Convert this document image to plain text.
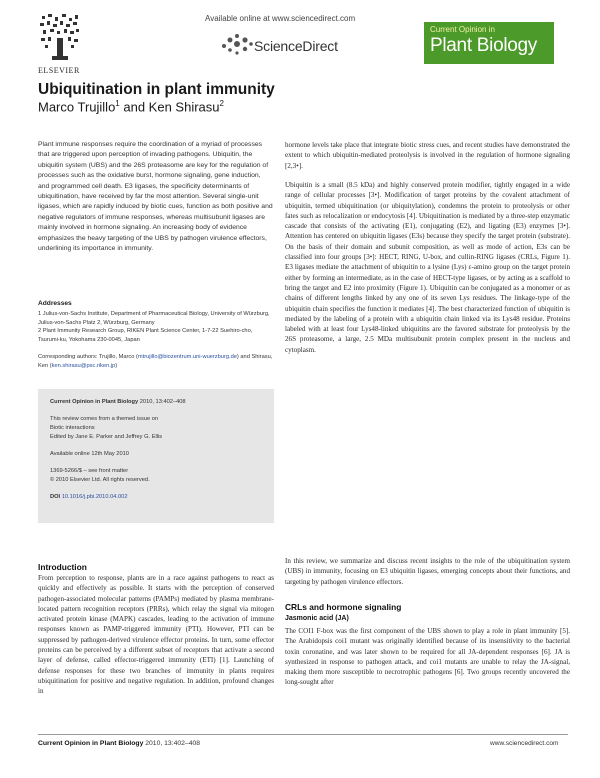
ELSEVIER
Available online at www.sciencedirect.com
ScienceDirect
Current Opinion in
Plant Biology
Ubiquitination in plant immunity
Marco Trujillo$^1$ and Ken Shirasu$^2$

Plant immune responses require the coordination of a myriad of processes that are triggered upon perception of invading pathogens. Ubiquitin, the ubiquitin system (UBS) and the 26S proteasome are key for the regulation of processes such as the oxidative burst, hormone signaling, gene induction, and programmed cell death. E3 ligases, the specificity determinants of ubiquitination, have received by far the most attention. Several single-unit ligases, which are rapidly induced by biotic cues, function as both positive and negative regulators of immune responses, whereas multisubunit ligases are mainly involved in hormone signaling. An increasing body of evidence emphasizes the heavy targeting of the UBS by pathogen virulence effectors, underlining its importance in immunity.

Addresses
1 Julius-von-Sachs Institute, Department of Pharmaceutical Biology, University of Würzburg, Julius-von-Sachs Platz 2, Würzburg, Germany
2 Plant Immunity Research Group, RIKEN Plant Science Center, 1-7-22 Suehiro-cho, Tsurumi-ku, Yokohama 230-0045, Japan
Corresponding authors: Trujillo, Marco (mtrujillo@biozentrum.uni-wuerzburg.de) and Shirasu, Ken (ken.shirasu@psc.riken.jp)
Current Opinion in Plant Biology 2010, 13:402–408
This review comes from a themed issue on
Biotic interactions
Edited by Jane E. Parker and Jeffrey G. Ellis
Available online 12th May 2010
1369-5266/$ – see front matter
© 2010 Elsevier Ltd. All rights reserved.
DOI 10.1016/j.pbi.2010.04.002
Introduction

From perception to response, plants are in a race against pathogens to react as quickly and effectively as possible. It starts with the perception of conserved pathogen-associated molecular patterns (PAMPs) mediated by plasma membrane-located pattern recognition receptors (PRRs), which relay the signal via mitogen activated protein kinase (MAPK) cascades, leading to the activation of immune responses known as PAMP-triggered immunity (PTI). However, PTI can be suppressed by pathogen-derived virulence effector proteins. In turn, some effector proteins can be perceived by a different subset of receptors that activate a second layer of defense, called effector-triggered immunity (ETI) [1]. Launching of defense responses for these two branches of immunity in plants requires ubiquitination for positive and negative regulation. In addition, profound changes in

hormone levels take place that integrate biotic stress cues, and recent studies have demonstrated the extent to which ubiquitin-mediated proteolysis is involved in the regulation of hormone signaling [2,3•].

Ubiquitin is a small (8.5 kDa) and highly conserved protein modifier, tightly engaged in a wide range of cellular processes [3•]. Modification of target proteins by the covalent attachment of ubiquitin, termed ubiquitination (or ubiquitylation), condemns the protein to proteolysis or other fates such as relocalization or endocytosis [4]. Ubiquitination is mediated by a three-step enzymatic cascade that consists of the activating (E1), conjugating (E2), and ligating (E3) enzymes [3•]. Attention has centered on ubiquitin ligases (E3s) because they specify the target protein (substrate). On the basis of their domain and subunit composition, as well as mode of action, E3s can be classified into four groups [3•]: HECT, RING, U-box, and cullin-RING ligases (CRLs, Figure 1). E3 ligases mediate the attachment of ubiquitin to a lysine (Lys) ε-amino group on the target protein either by forming an intermediate, as in the case of HECT-type ligases, or by acting as a scaffold to bring the target and E2 into proximity (Figure 1). Ubiquitin can be conjugated as a monomer or as chains of different lengths linked by any one of its seven Lys residues. The linkage-type of the ubiquitin chain specifies the function it mediates [4]. The best characterized function of ubiquitin is mediated by the labeling of a protein with a ubiquitin chain linked via its Lys48 residue. Proteins labeled with at least four Lys48-linked ubiquitins are the favored substrate for proteolysis by the 26S proteasome, a large, 2.5 MDa multisubunit protein complex present in the nucleus and cytoplasm.

In this review, we summarize and discuss recent insights to the role of the ubiquitination system (UBS) in immunity, focusing on E3 ubiquitin ligases, emerging concepts about their functions, and targeting by pathogen virulence effectors.

CRLs and hormone signaling
Jasmonic acid (JA)

The COI1 F-box was the first component of the UBS shown to play a role in plant immunity [5]. The Arabidopsis coi1 mutant was originally identified because of its insensitivity to the bacterial toxin coronatine, and was later shown to be required for all JA-dependent responses [6]. JA is synthesized in response to pathogen attack, and coi1 mutants are unable to relay the JA-signal, making them more susceptible to necrotrophic pathogens [6]. Two groups recently uncovered the long-sought after

Current Opinion in Plant Biology 2010, 13:402–408	www.sciencedirect.com
